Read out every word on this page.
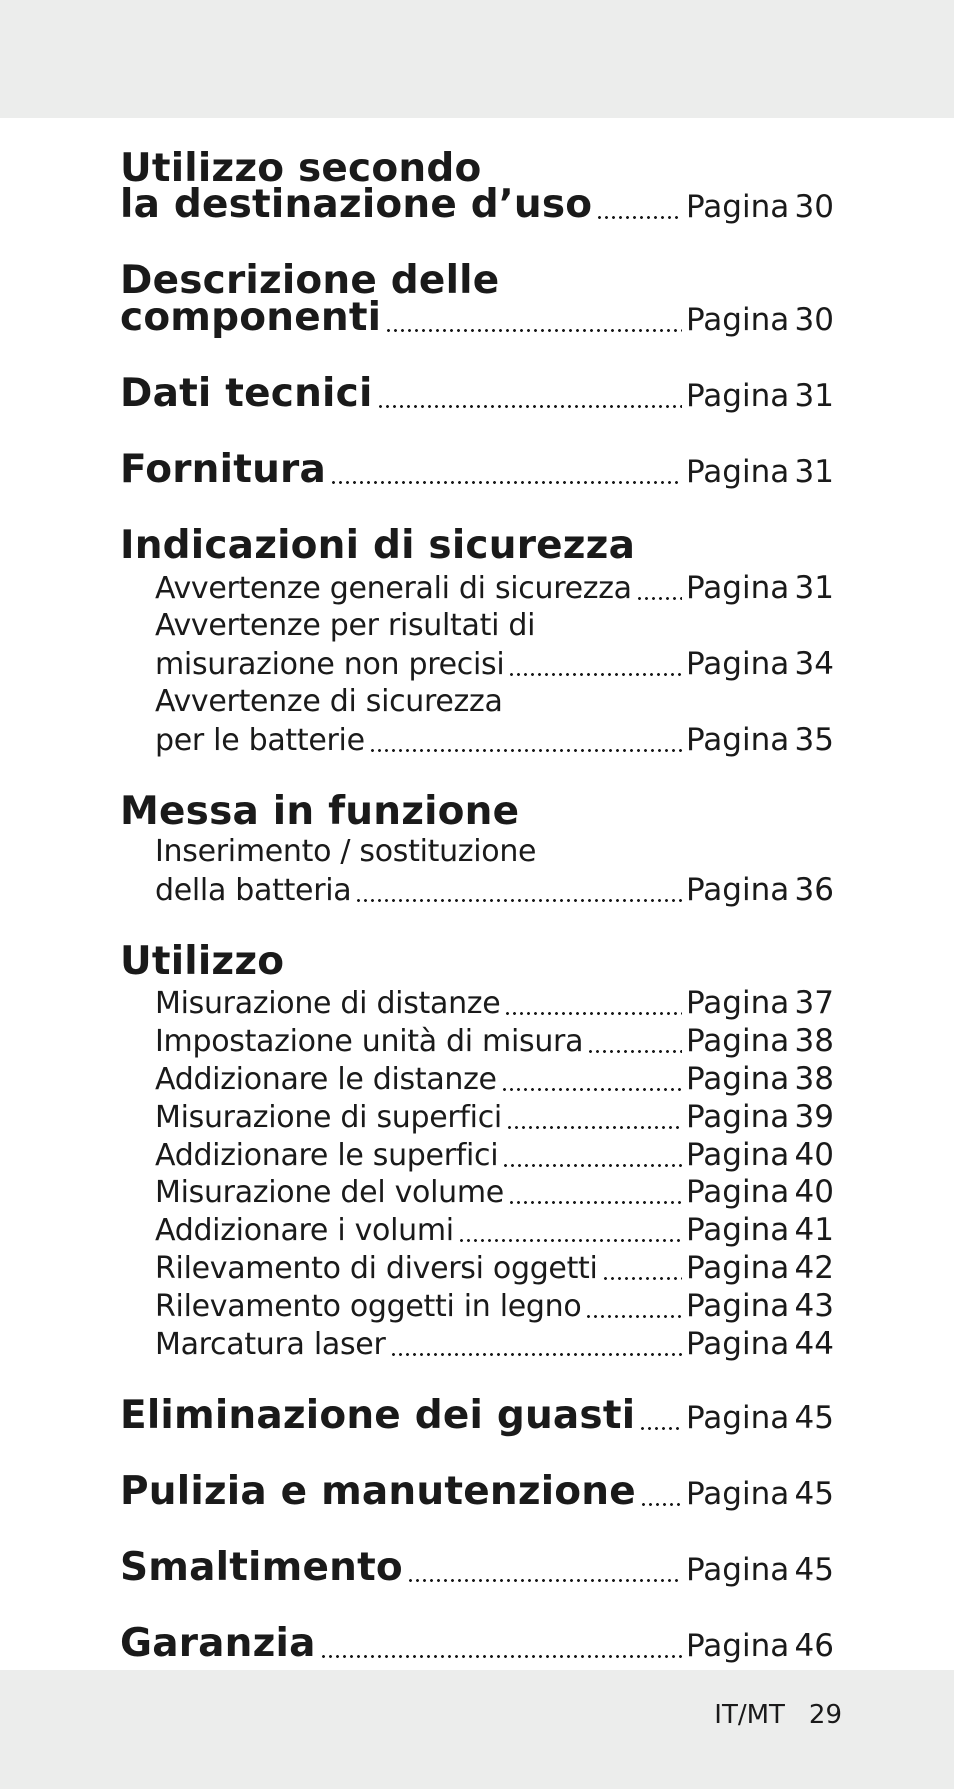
Utilizzo secondo
la destinazione d’uso	Pagina 30
Descrizione delle
componenti	Pagina 30
Dati tecnici	Pagina 31
Fornitura	Pagina 31
Indicazioni di sicurezza
Avvertenze generali di sicurezza Pagina 31
Avvertenze per risultati di
misurazione non precisi	Pagina 34
Avvertenze di sicurezza
per le batterie	Pagina 35
Messa in funzione
Inserimento / sostituzione
della batteria	Pagina 36
Utilizzo
Misurazione di distanze	Pagina 37
Impostazione unità di misura	Pagina 38
Addizionare le distanze	Pagina 38
Misurazione di superfici	Pagina 39
Addizionare le superfici	Pagina 40
Misurazione del volume	Pagina 40
Addizionare i volumi	Pagina 41
Rilevamento di diversi oggetti	Pagina 42
Rilevamento oggetti in legno	Pagina 43
Marcatura laser	Pagina 44
Eliminazione dei guasti Pagina 45
Pulizia e manutenzione Pagina 45
Smaltimento	Pagina 45
Garanzia	Pagina 46
IT/MT 29
